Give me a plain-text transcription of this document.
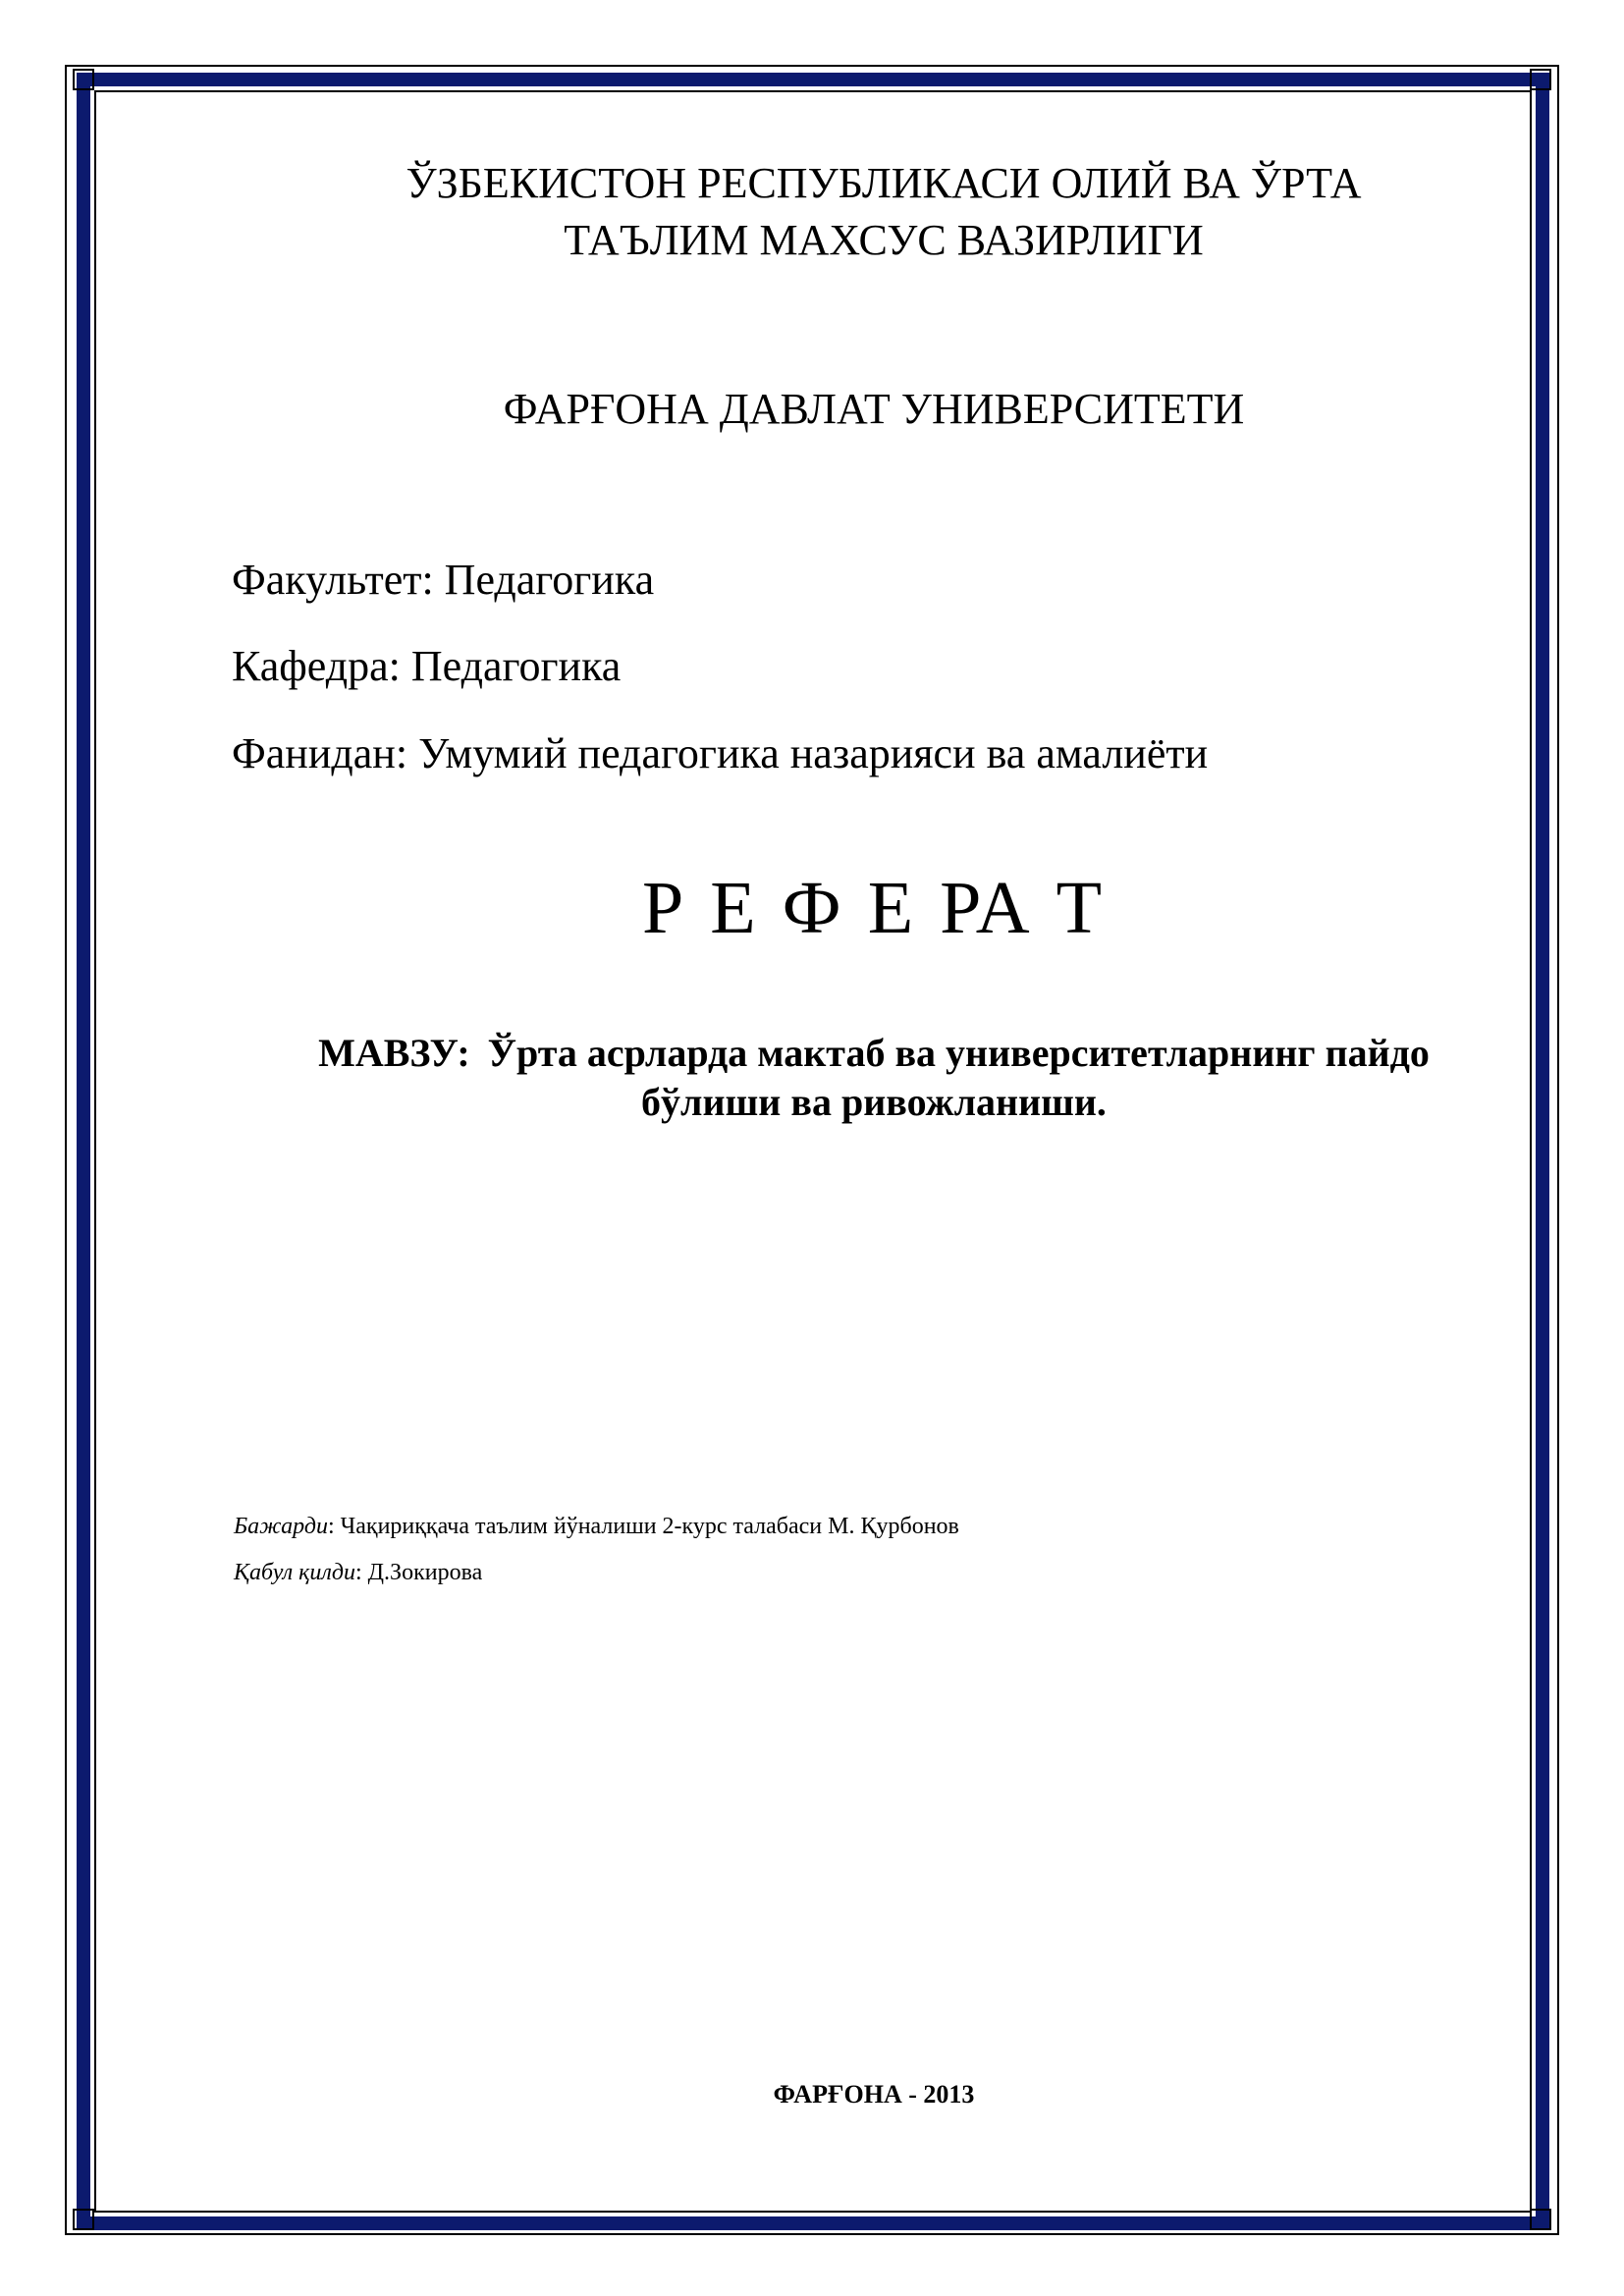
ЎЗБЕКИСТОН РЕСПУБЛИКАСИ ОЛИЙ ВА ЎРТА
ТАЪЛИМ МАХСУС ВАЗИРЛИГИ
ФАРҒОНА ДАВЛАТ УНИВЕРСИТЕТИ
Факультет: Педагогика
Кафедра: Педагогика
Фанидан: Умумий педагогика назарияси ва амалиёти
Р Е Ф Е РА Т
МАВЗУ: Ўрта асрларда мактаб ва университетларнинг пайдо
бўлиши ва ривожланиши.
Бажарди: Чақириққача таълим йўналиши 2-курс талабаси М. Қурбонов
Қабул қилди: Д.Зокирова
ФАРҒОНА - 2013
